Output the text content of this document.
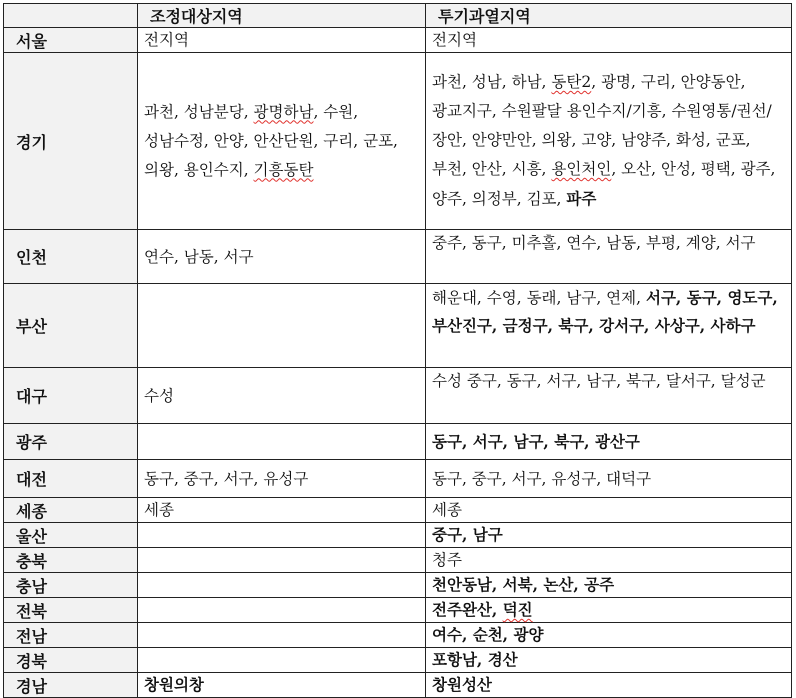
	조정대상지역	투기과열지역
서울	전지역	전지역
경기	과천, 성남분당, 광명하남, 수원, 성남수정, 안양, 안산단원, 구리, 군포, 의왕, 용인수지, 기흥동탄	과천, 성남, 하남, 동탄2, 광명, 구리, 안양동안, 광교지구, 수원팔달 용인수지/기흥, 수원영통/권선/장안, 안양만안, 의왕, 고양, 남양주, 화성, 군포, 부천, 안산, 시흥, 용인처인, 오산, 안성, 평택, 광주, 양주, 의정부, 김포, 파주
인천	연수, 남동, 서구	중주, 동구, 미추홀, 연수, 남동, 부평, 계양, 서구
부산		해운대, 수영, 동래, 남구, 연제, 서구, 동구, 영도구, 부산진구, 금정구, 북구, 강서구, 사상구, 사하구
대구	수성	수성 중구, 동구, 서구, 남구, 북구, 달서구, 달성군
광주		동구, 서구, 남구, 북구, 광산구
대전	동구, 중구, 서구, 유성구	동구, 중구, 서구, 유성구, 대덕구
세종	세종	세종
울산		중구, 남구
충북		청주
충남		천안동남, 서북, 논산, 공주
전북		전주완산, 덕진
전남		여수, 순천, 광양
경북		포항남, 경산
경남	창원의창	창원성산
